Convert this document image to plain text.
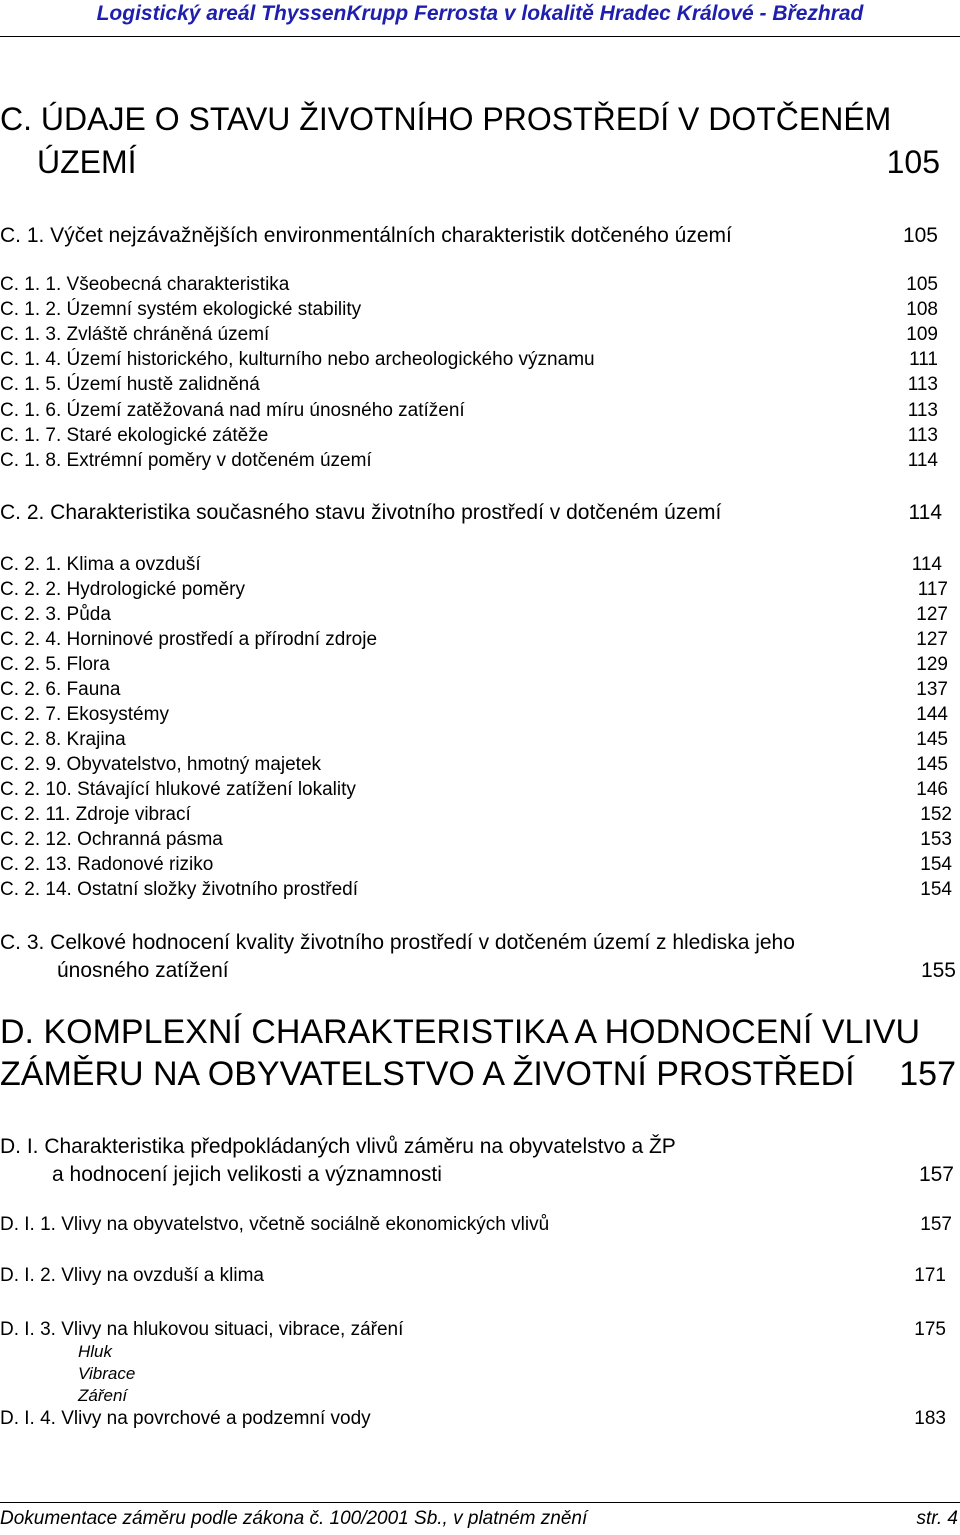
Logistický areál ThyssenKrupp Ferrosta v lokalitě Hradec Králové - Březhrad
C. ÚDAJE O STAVU ŽIVOTNÍHO PROSTŘEDÍ V DOTČENÉM
ÚZEMÍ	105
C. 1. Výčet nejzávažnějších environmentálních charakteristik dotčeného území	105
C. 1. 1. Všeobecná charakteristika	105
C. 1. 2. Územní systém ekologické stability	108
C. 1. 3. Zvláště chráněná území	109
C. 1. 4. Území historického, kulturního nebo archeologického významu	111
C. 1. 5. Území hustě zalidněná	113
C. 1. 6. Území zatěžovaná nad míru únosného zatížení	113
C. 1. 7. Staré ekologické zátěže	113
C. 1. 8. Extrémní poměry v dotčeném území	114
C. 2. Charakteristika současného stavu životního prostředí v dotčeném území	114
C. 2. 1. Klima a ovzduší	114
C. 2. 2. Hydrologické poměry	117
C. 2. 3. Půda	127
C. 2. 4. Horninové prostředí a přírodní zdroje	127
C. 2. 5. Flora	129
C. 2. 6. Fauna	137
C. 2. 7. Ekosystémy	144
C. 2. 8. Krajina	145
C. 2. 9. Obyvatelstvo, hmotný majetek	145
C. 2. 10. Stávající hlukové zatížení lokality	146
C. 2. 11. Zdroje vibrací	152
C. 2. 12. Ochranná pásma	153
C. 2. 13. Radonové riziko	154
C. 2. 14. Ostatní složky životního prostředí	154
C. 3. Celkové hodnocení kvality životního prostředí v dotčeném území z hlediska jeho
únosného zatížení	155
D. KOMPLEXNÍ CHARAKTERISTIKA A HODNOCENÍ VLIVU
ZÁMĚRU NA OBYVATELSTVO A ŽIVOTNÍ PROSTŘEDÍ 157
D. I. Charakteristika předpokládaných vlivů záměru na obyvatelstvo a ŽP
a hodnocení jejich velikosti a významnosti	157
D. I. 1. Vlivy na obyvatelstvo, včetně sociálně ekonomických vlivů	157
D. I. 2. Vlivy na ovzduší a klima	171
D. I. 3. Vlivy na hlukovou situaci, vibrace, záření	175
Hluk
Vibrace
Záření
D. I. 4. Vlivy na povrchové a podzemní vody	183
Dokumentace záměru podle zákona č. 100/2001 Sb., v platném znění	str. 4
